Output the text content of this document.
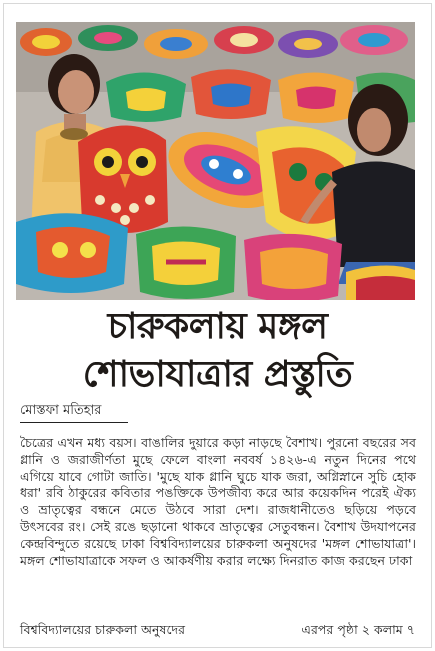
চারুকলায় মঙ্গল
শোভাযাত্রার প্রস্তুতি
মোস্তফা মতিহার

চৈত্রের এখন মধ্য বয়স। বাঙালির দুয়ারে কড়া নাড়ছে বৈশাখ। পুরনো বছরের সব গ্লানি ও জরাজীর্ণতা মুছে ফেলে বাংলা নববর্ষ ১৪২৬-এ নতুন দিনের পথে এগিয়ে যাবে গোটা জাতি। 'মুছে যাক গ্লানি ঘুচে যাক জরা, অগ্নিস্নানে সুচি হোক ধরা' রবি ঠাকুরের কবিতার পঙক্তিকে উপজীব্য করে আর কয়েকদিন পরেই ঐক্য ও ভ্রাতৃত্বের বন্ধনে মেতে উঠবে সারা দেশ। রাজধানীতেও ছড়িয়ে পড়বে উৎসবের রং। সেই রঙে ছড়ানো থাকবে ভ্রাতৃত্বের সেতুবন্ধন। বৈশাখ উদযাপনের কেন্দ্রবিন্দুতে রয়েছে ঢাকা বিশ্ববিদ্যালয়ের চারুকলা অনুষদের 'মঙ্গল শোভাযাত্রা'। মঙ্গল শোভাযাত্রাকে সফল ও আকর্ষণীয় করার লক্ষ্যে দিনরাত কাজ করছেন ঢাকা

বিশ্ববিদ্যালয়ের চারুকলা অনুষদের	এরপর পৃষ্ঠা ২ কলাম ৭
